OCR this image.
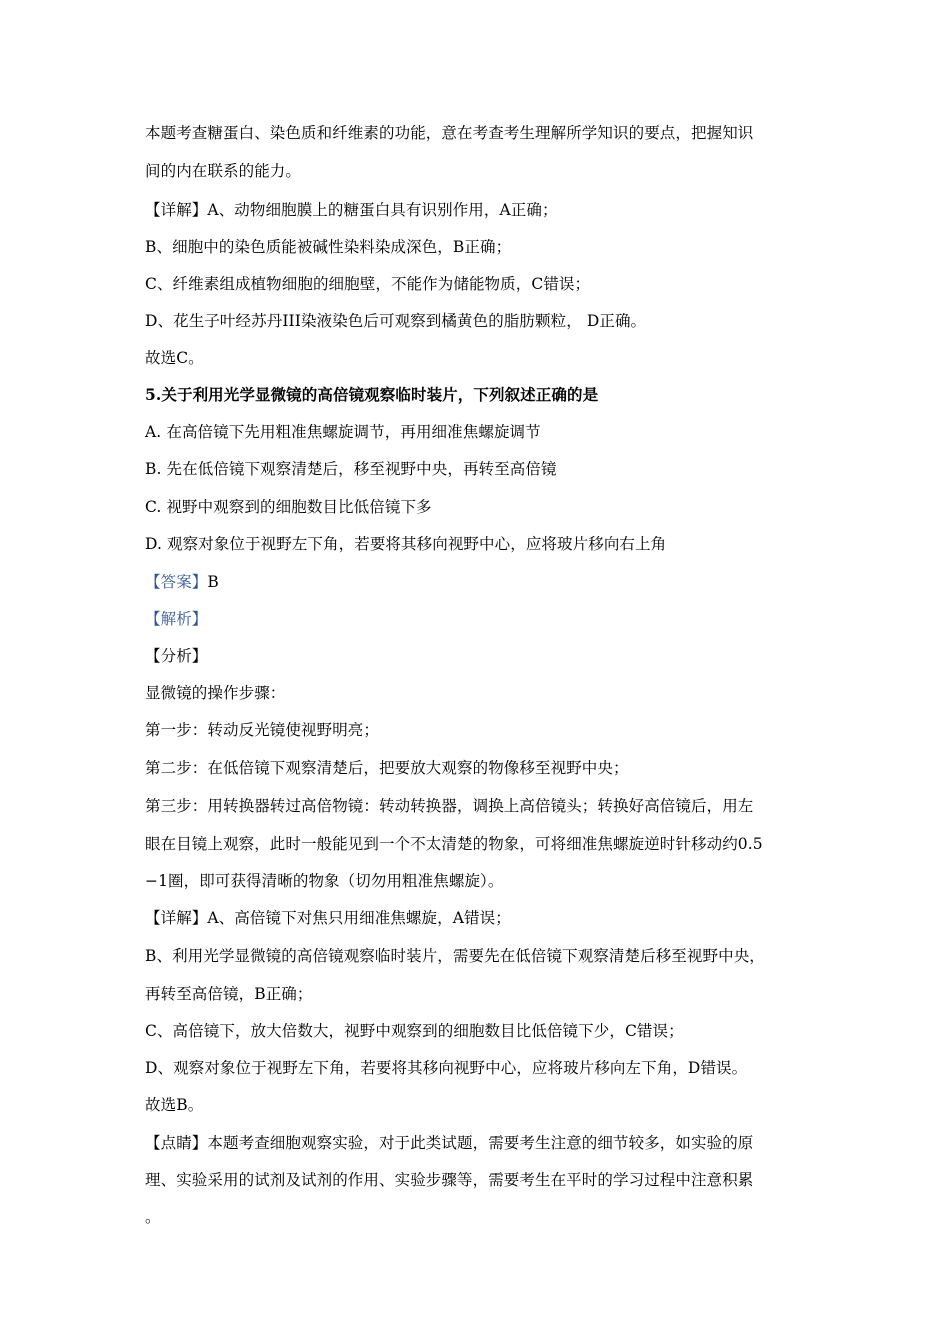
本题考查糖蛋白、染色质和纤维素的功能，意在考查考生理解所学知识的要点，把握知识
间的内在联系的能力。
【详解】A、动物细胞膜上的糖蛋白具有识别作用，A正确；
B、细胞中的染色质能被碱性染料染成深色，B正确；
C、纤维素组成植物细胞的细胞壁，不能作为储能物质，C错误；
D、花生子叶经苏丹III染液染色后可观察到橘黄色的脂肪颗粒， D正确。
故选C。
5.关于利用光学显微镜的高倍镜观察临时装片，下列叙述正确的是
A. 在高倍镜下先用粗准焦螺旋调节，再用细准焦螺旋调节
B. 先在低倍镜下观察清楚后，移至视野中央，再转至高倍镜
C. 视野中观察到的细胞数目比低倍镜下多
D. 观察对象位于视野左下角，若要将其移向视野中心，应将玻片移向右上角
【答案】B
【解析】
【分析】
显微镜的操作步骤：
第一步：转动反光镜使视野明亮；
第二步：在低倍镜下观察清楚后，把要放大观察的物像移至视野中央；
第三步：用转换器转过高倍物镜：转动转换器，调换上高倍镜头；转换好高倍镜后，用左
眼在目镜上观察，此时一般能见到一个不太清楚的物象，可将细准焦螺旋逆时针移动约0.5
−1圈，即可获得清晰的物象（切勿用粗准焦螺旋）。
【详解】A、高倍镜下对焦只用细准焦螺旋，A错误；
B、利用光学显微镜的高倍镜观察临时装片，需要先在低倍镜下观察清楚后移至视野中央，
再转至高倍镜，B正确；
C、高倍镜下，放大倍数大，视野中观察到的细胞数目比低倍镜下少，C错误；
D、观察对象位于视野左下角，若要将其移向视野中心，应将玻片移向左下角，D错误。
故选B。
【点睛】本题考查细胞观察实验，对于此类试题，需要考生注意的细节较多，如实验的原
理、实验采用的试剂及试剂的作用、实验步骤等，需要考生在平时的学习过程中注意积累
。
